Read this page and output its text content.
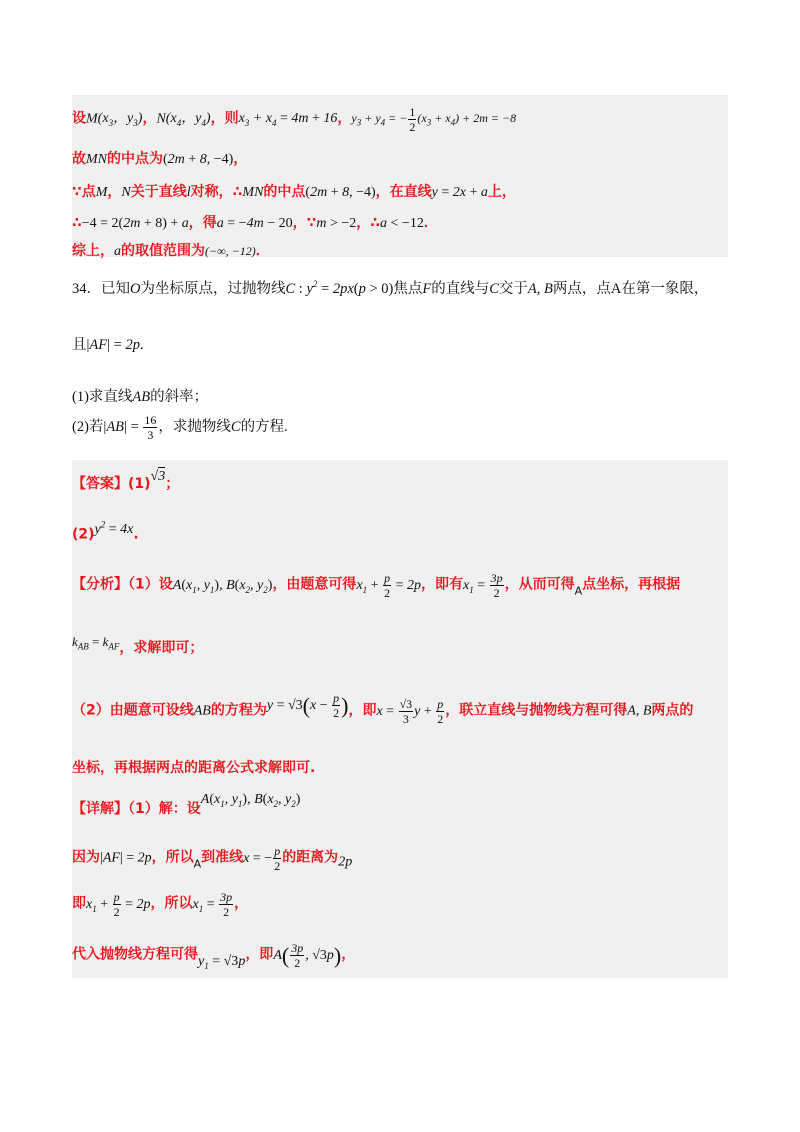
设$M(x_3$，$y_3$)，$N(x_4$，$y_4$)，则$x_3 + x_4 = 4m + 16$，$y_3 + y_4$ = − $\frac{1}{2} (x_3 + x_4) + 2m = -8$
故MN的中点为(2m + 8, −4)，
∵点M，N关于直线l对称，∴MN的中点(2m + 8, −4)，在直线y = 2x + a上，
∴−4 = 2(2m + 8) + a，得a = −4m − 20，∵m > −2，∴a < −12．
综上，a的取值范围为(−∞, −12)．
34．已知O为坐标原点，过抛物线C : $y^2 = 2px(p > 0)$焦点F的直线与C交于A, B两点，点A在第一象限，
且|AF| = 2p.
(1)求直线AB的斜率；
(2)若$|AB| = \frac{16}{3}$ ，求抛物线C的方程.
【答案】(1)√3；
$(2)y^2 = 4x$.
【分析】（1）设$A(x_1$, $y_1$), $B(x_2$, $y_2$)，由题意可得$x_1 + \frac{p}{2} = 2p$，即有$x_1 = \frac{3p}{2}$ ，从而可得$_A$点坐标，再根据
$k_{AB} = k_{AF}$，求解即可；
（2）由题意可设线AB的方程为$y = √3(x - \frac{p}{2}$ )，即$x = \frac{√3}{3}$ $y + \frac{p}{2}$ ，联立直线与抛物线方程可得A, B两点的
坐标，再根据两点的距离公式求解即可.
【详解】（1）解：设$A(x_1$, $y_1$), $B(x_2$, $y_2$)
因为|AF| = 2p，所以$_A$到准线x = − $\frac{p}{2}$ 的距离为2p
即$x_1 + \frac{p}{2} = 2p$，所以$x_1 = \frac{3p}{2}$ ，
代入抛物线方程可得$y_1 = √3p$，即$A( \frac{3p}{2}$ , √3p)，
